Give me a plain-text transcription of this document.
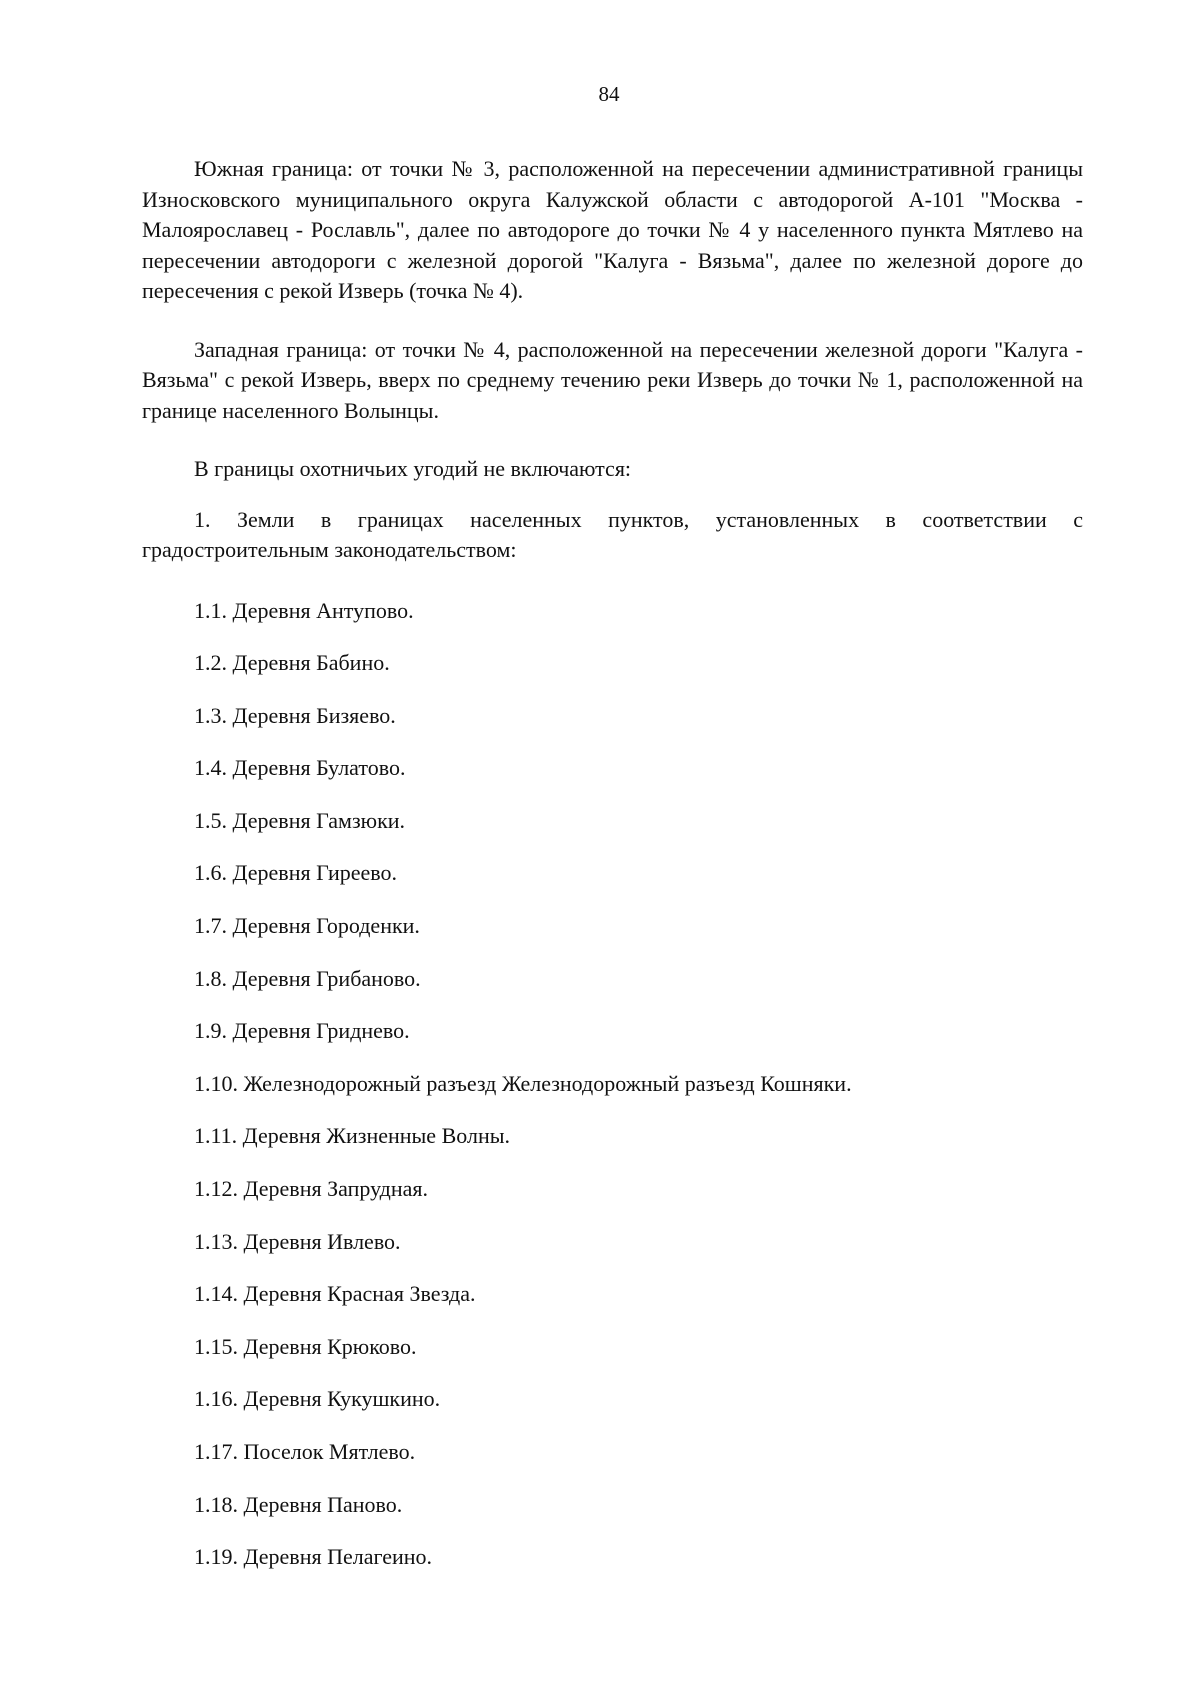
84

Южная граница: от точки № 3, расположенной на пересечении административной границы Износковского муниципального округа Калужской области с автодорогой А-101 "Москва - Малоярославец - Рославль", далее по автодороге до точки № 4 у населенного пункта Мятлево на пересечении автодороги с железной дорогой "Калуга - Вязьма", далее по железной дороге до пересечения с рекой Изверь (точка № 4).

Западная граница: от точки № 4, расположенной на пересечении железной дороги "Калуга - Вязьма" с рекой Изверь, вверх по среднему течению реки Изверь до точки № 1, расположенной на границе населенного Волынцы.

В границы охотничьих угодий не включаются:

1. Земли в границах населенных пунктов, установленных в соответствии с градостроительным законодательством:

1.1. Деревня Антупово.
1.2. Деревня Бабино.
1.3. Деревня Бизяево.
1.4. Деревня Булатово.
1.5. Деревня Гамзюки.
1.6. Деревня Гиреево.
1.7. Деревня Городенки.
1.8. Деревня Грибаново.
1.9. Деревня Гриднево.
1.10. Железнодорожный разъезд Железнодорожный разъезд Кошняки.
1.11. Деревня Жизненные Волны.
1.12. Деревня Запрудная.
1.13. Деревня Ивлево.
1.14. Деревня Красная Звезда.
1.15. Деревня Крюково.
1.16. Деревня Кукушкино.
1.17. Поселок Мятлево.
1.18. Деревня Паново.
1.19. Деревня Пелагеино.
